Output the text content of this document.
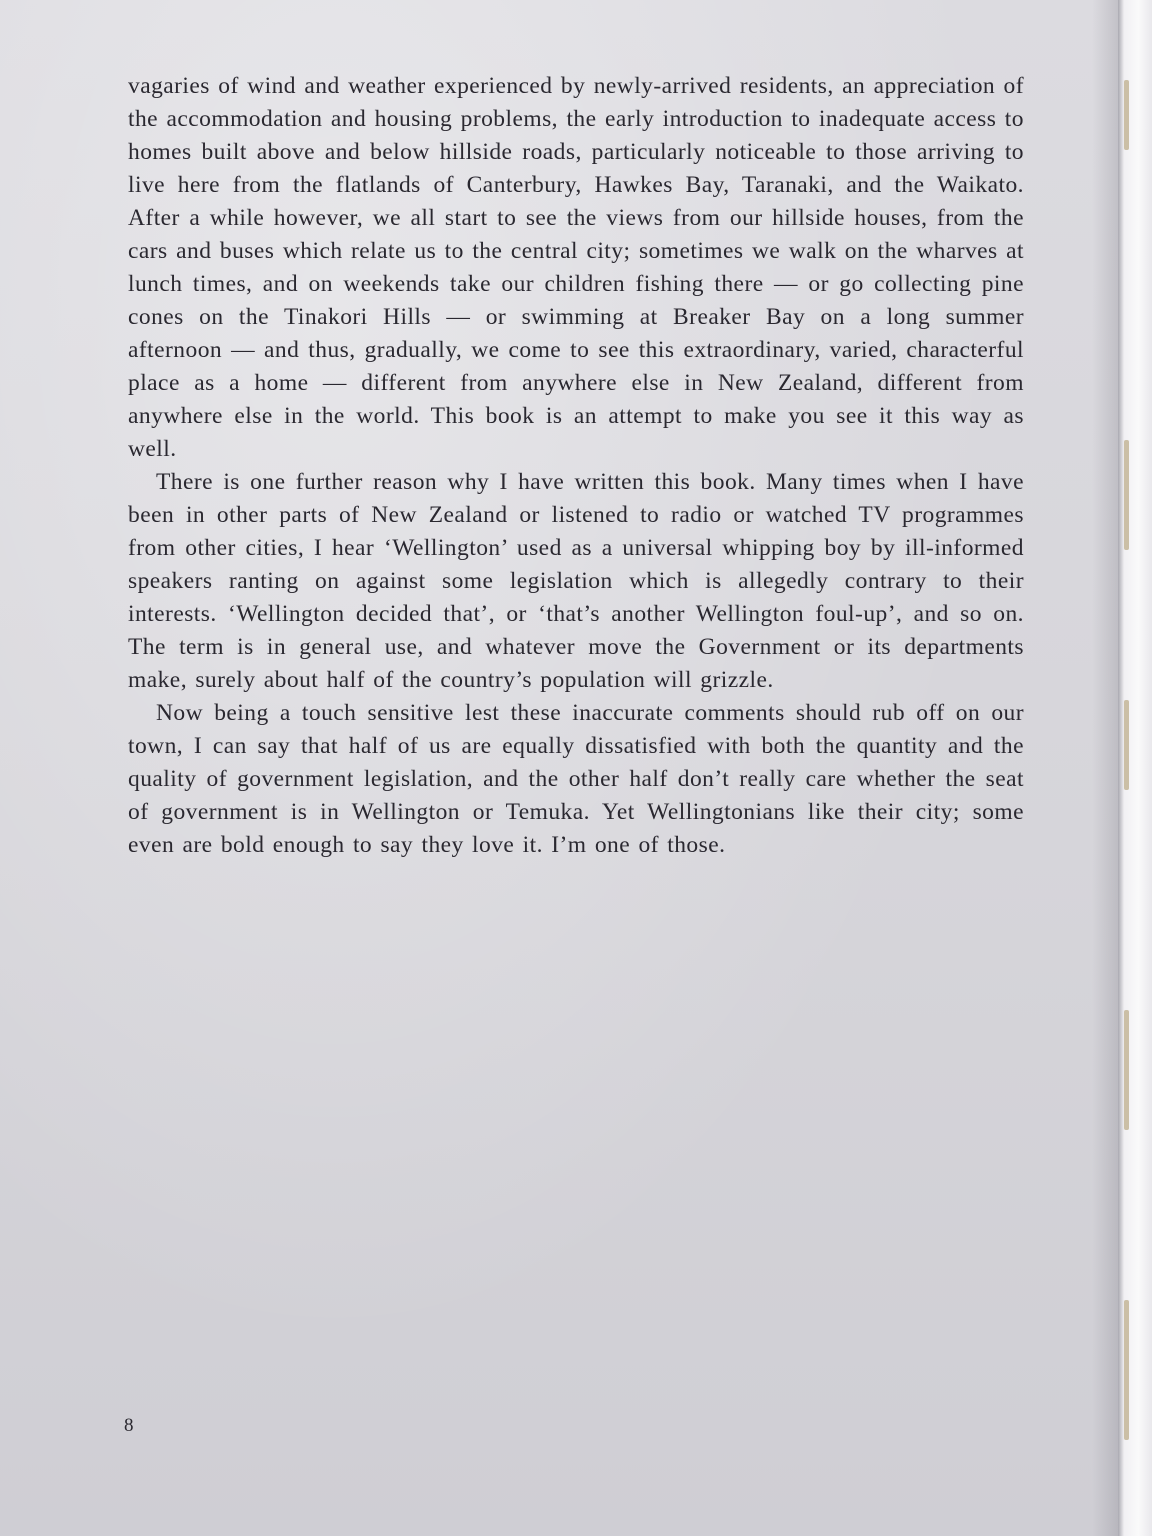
vagaries of wind and weather experienced by newly-arrived residents, an appreciation of the accommodation and housing problems, the early introduction to inadequate access to homes built above and below hillside roads, particularly noticeable to those arriving to live here from the flatlands of Canterbury, Hawkes Bay, Taranaki, and the Waikato. After a while however, we all start to see the views from our hillside houses, from the cars and buses which relate us to the central city; sometimes we walk on the wharves at lunch times, and on weekends take our children fishing there — or go collecting pine cones on the Tinakori Hills — or swimming at Breaker Bay on a long summer afternoon — and thus, gradually, we come to see this extraordinary, varied, characterful place as a home — different from anywhere else in New Zealand, different from anywhere else in the world. This book is an attempt to make you see it this way as well.

There is one further reason why I have written this book. Many times when I have been in other parts of New Zealand or listened to radio or watched TV programmes from other cities, I hear ‘Wellington’ used as a universal whipping boy by ill-informed speakers ranting on against some legislation which is allegedly contrary to their interests. ‘Wellington decided that’, or ‘that’s another Wellington foul-up’, and so on. The term is in general use, and whatever move the Government or its departments make, surely about half of the country’s population will grizzle.

Now being a touch sensitive lest these inaccurate comments should rub off on our town, I can say that half of us are equally dissatisfied with both the quantity and the quality of government legislation, and the other half don’t really care whether the seat of government is in Wellington or Temuka. Yet Wellingtonians like their city; some even are bold enough to say they love it. I’m one of those.

8
